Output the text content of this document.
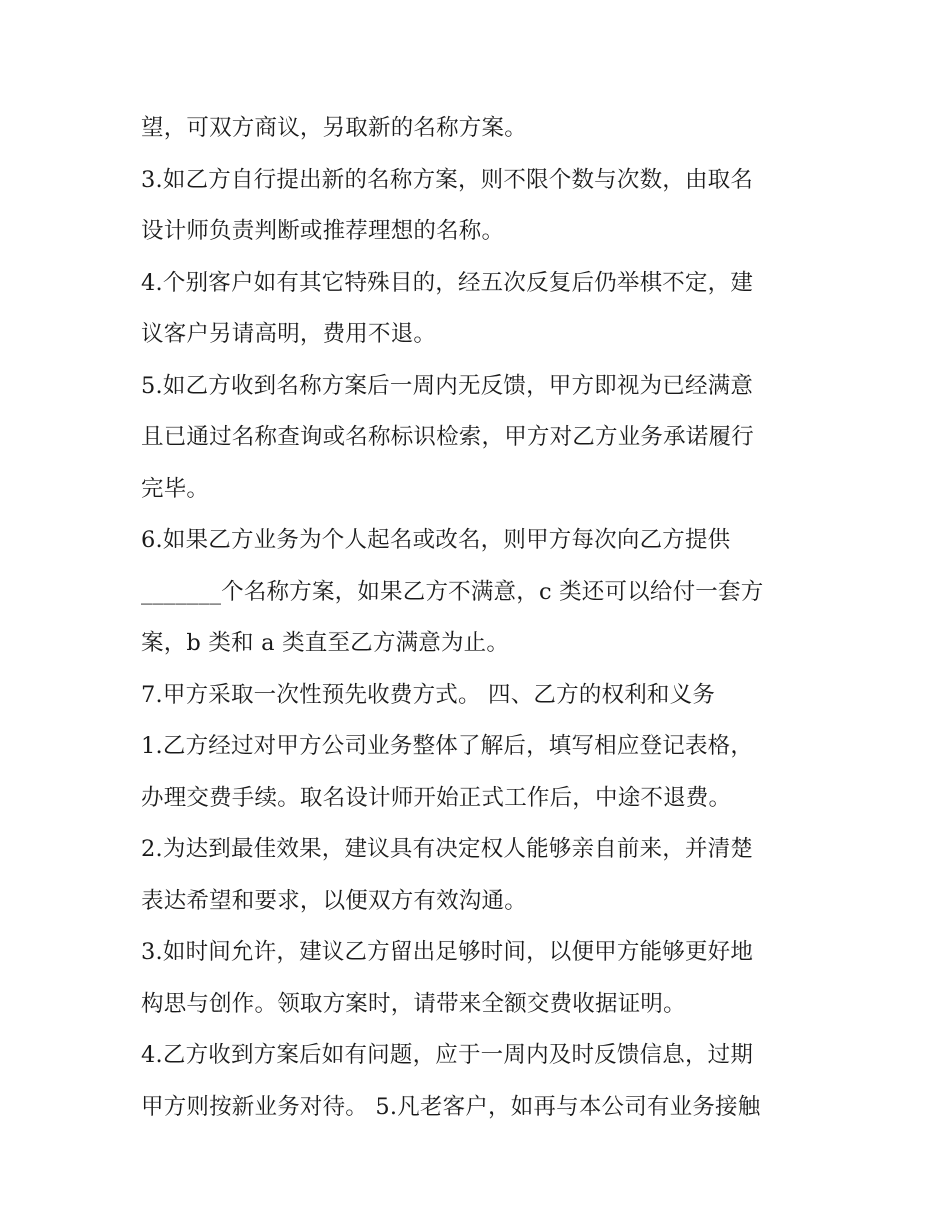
望，可双方商议，另取新的名称方案。
3.如乙方自行提出新的名称方案，则不限个数与次数，由取名
设计师负责判断或推荐理想的名称。
4.个别客户如有其它特殊目的，经五次反复后仍举棋不定，建
议客户另请高明，费用不退。
5.如乙方收到名称方案后一周内无反馈，甲方即视为已经满意
且已通过名称查询或名称标识检索，甲方对乙方业务承诺履行
完毕。
6.如果乙方业务为个人起名或改名，则甲方每次向乙方提供
_______个名称方案，如果乙方不满意，c 类还可以给付一套方
案，b 类和 a 类直至乙方满意为止。
7.甲方采取一次性预先收费方式。 四、乙方的权利和义务
1.乙方经过对甲方公司业务整体了解后，填写相应登记表格，
办理交费手续。取名设计师开始正式工作后，中途不退费。
2.为达到最佳效果，建议具有决定权人能够亲自前来，并清楚
表达希望和要求，以便双方有效沟通。
3.如时间允许，建议乙方留出足够时间，以便甲方能够更好地
构思与创作。领取方案时，请带来全额交费收据证明。
4.乙方收到方案后如有问题，应于一周内及时反馈信息，过期
甲方则按新业务对待。 5.凡老客户，如再与本公司有业务接触
